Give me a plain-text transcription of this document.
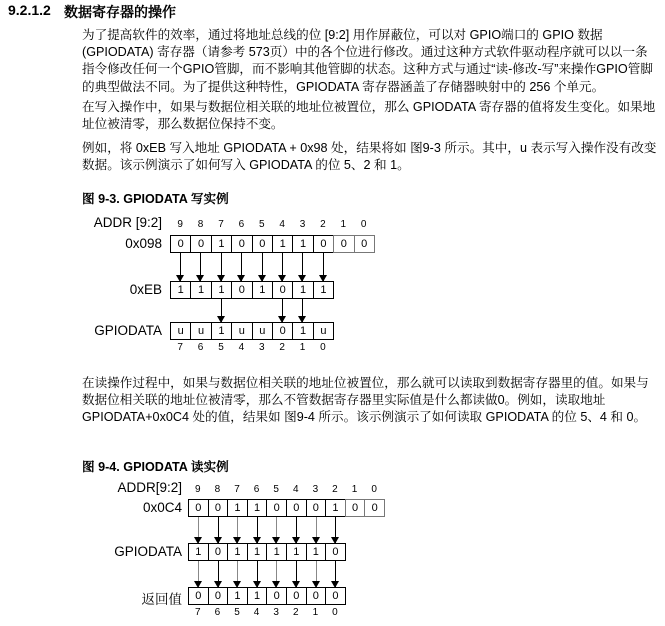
9.2.1.2 数据寄存器的操作
为了提高软件的效率，通过将地址总线的位 [9:2] 用作屏蔽位，可以对 GPIO端口的 GPIO 数据 (GPIODATA) 寄存器（请参考 573页）中的各个位进行修改。通过这种方式软件驱动程序就可以以一条指令修改任何一个GPIO管脚，而不影响其他管脚的状态。这种方式与通过“读-修改-写”来操作GPIO管脚的典型做法不同。为了提供这种特性，GPIODATA 寄存器涵盖了存储器映射中的 256 个单元。
在写入操作中，如果与数据位相关联的地址位被置位，那么 GPIODATA 寄存器的值将发生变化。如果地址位被清零，那么数据位保持不变。
例如，将 0xEB 写入地址 GPIODATA + 0x98 处，结果将如 图9-3 所示。其中，u 表示写入操作没有改变数据。该示例演示了如何写入 GPIODATA 的位 5、2 和 1。
图 9-3. GPIODATA 写实例
ADDR [9:2]	9	8	7	6	5	4	3	2	1	0
0x098	0	0	1	0	0	1	1	0	0	0
0xEB	1	1	1	0	1	0	1	1
GPIODATA	u	u	1	u	u	0	1	u
7	6	5	4	3	2	1	0
在读操作过程中，如果与数据位相关联的地址位被置位，那么就可以读取到数据寄存器里的值。如果与数据位相关联的地址位被清零，那么不管数据寄存器里实际值是什么都读做0。例如，读取地址 GPIODATA+0x0C4 处的值，结果如 图9-4 所示。该示例演示了如何读取 GPIODATA 的位 5、4 和 0。
图 9-4. GPIODATA 读实例
ADDR[9:2]	9	8	7	6	5	4	3	2	1	0
0x0C4	0	0	1	1	0	0	0	1	0	0
GPIODATA	1	0	1	1	1	1	1	0
返回值	0	0	1	1	0	0	0	0
7	6	5	4	3	2	1	0
